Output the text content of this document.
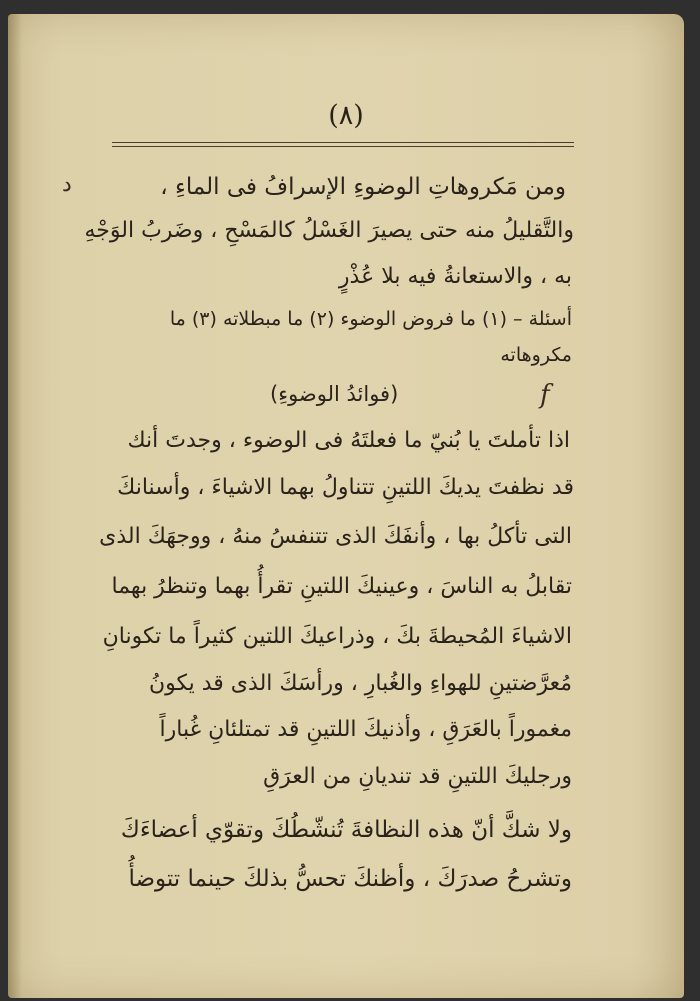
(٨)
د
f
ومن مَكروهاتِ الوضوءِ الإسرافُ فى الماءِ ،
والتَّقليلُ منه حتى يصيرَ الغَسْلُ كالمَسْحِ ، وضَربُ الوَجْهِ
به ، والاستعانةُ فيه بلا عُذْرٍ
أسئلة – (١) ما فروض الوضوء (٢) ما مبطلاته (٣) ما
مكروهاته
(فوائدُ الوضوءِ)
اذا تأملتَ يا بُنيّ ما فعلتَهُ فى الوضوء ، وجدتَ أنك
قد نظفتَ يديكَ اللتينِ تتناولُ بهما الاشياءَ ، وأسنانكَ
التى تأكلُ بها ، وأنفَكَ الذى تتنفسُ منهُ ، ووجهَكَ الذى
تقابلُ به الناسَ ، وعينيكَ اللتينِ تقرأُ بهما وتنظرُ بهما
الاشياءَ المُحيطةَ بكَ ، وذراعيكَ اللتين كثيراً ما تكونانِ
مُعرَّضتينِ للهواءِ والغُبارِ ، ورأسَكَ الذى قد يكونُ
مغموراً بالعَرَقِ ، وأذنيكَ اللتينِ قد تمتلئانِ غُباراً
ورجليكَ اللتينِ قد تنديانِ من العرَقِ
ولا شكَّ أنّ هذه النظافةَ تُنشّطُكَ وتقوّي أعضاءَكَ
وتشرحُ صدرَكَ ، وأظنكَ تحسُّ بذلكَ حينما تتوضأُ
